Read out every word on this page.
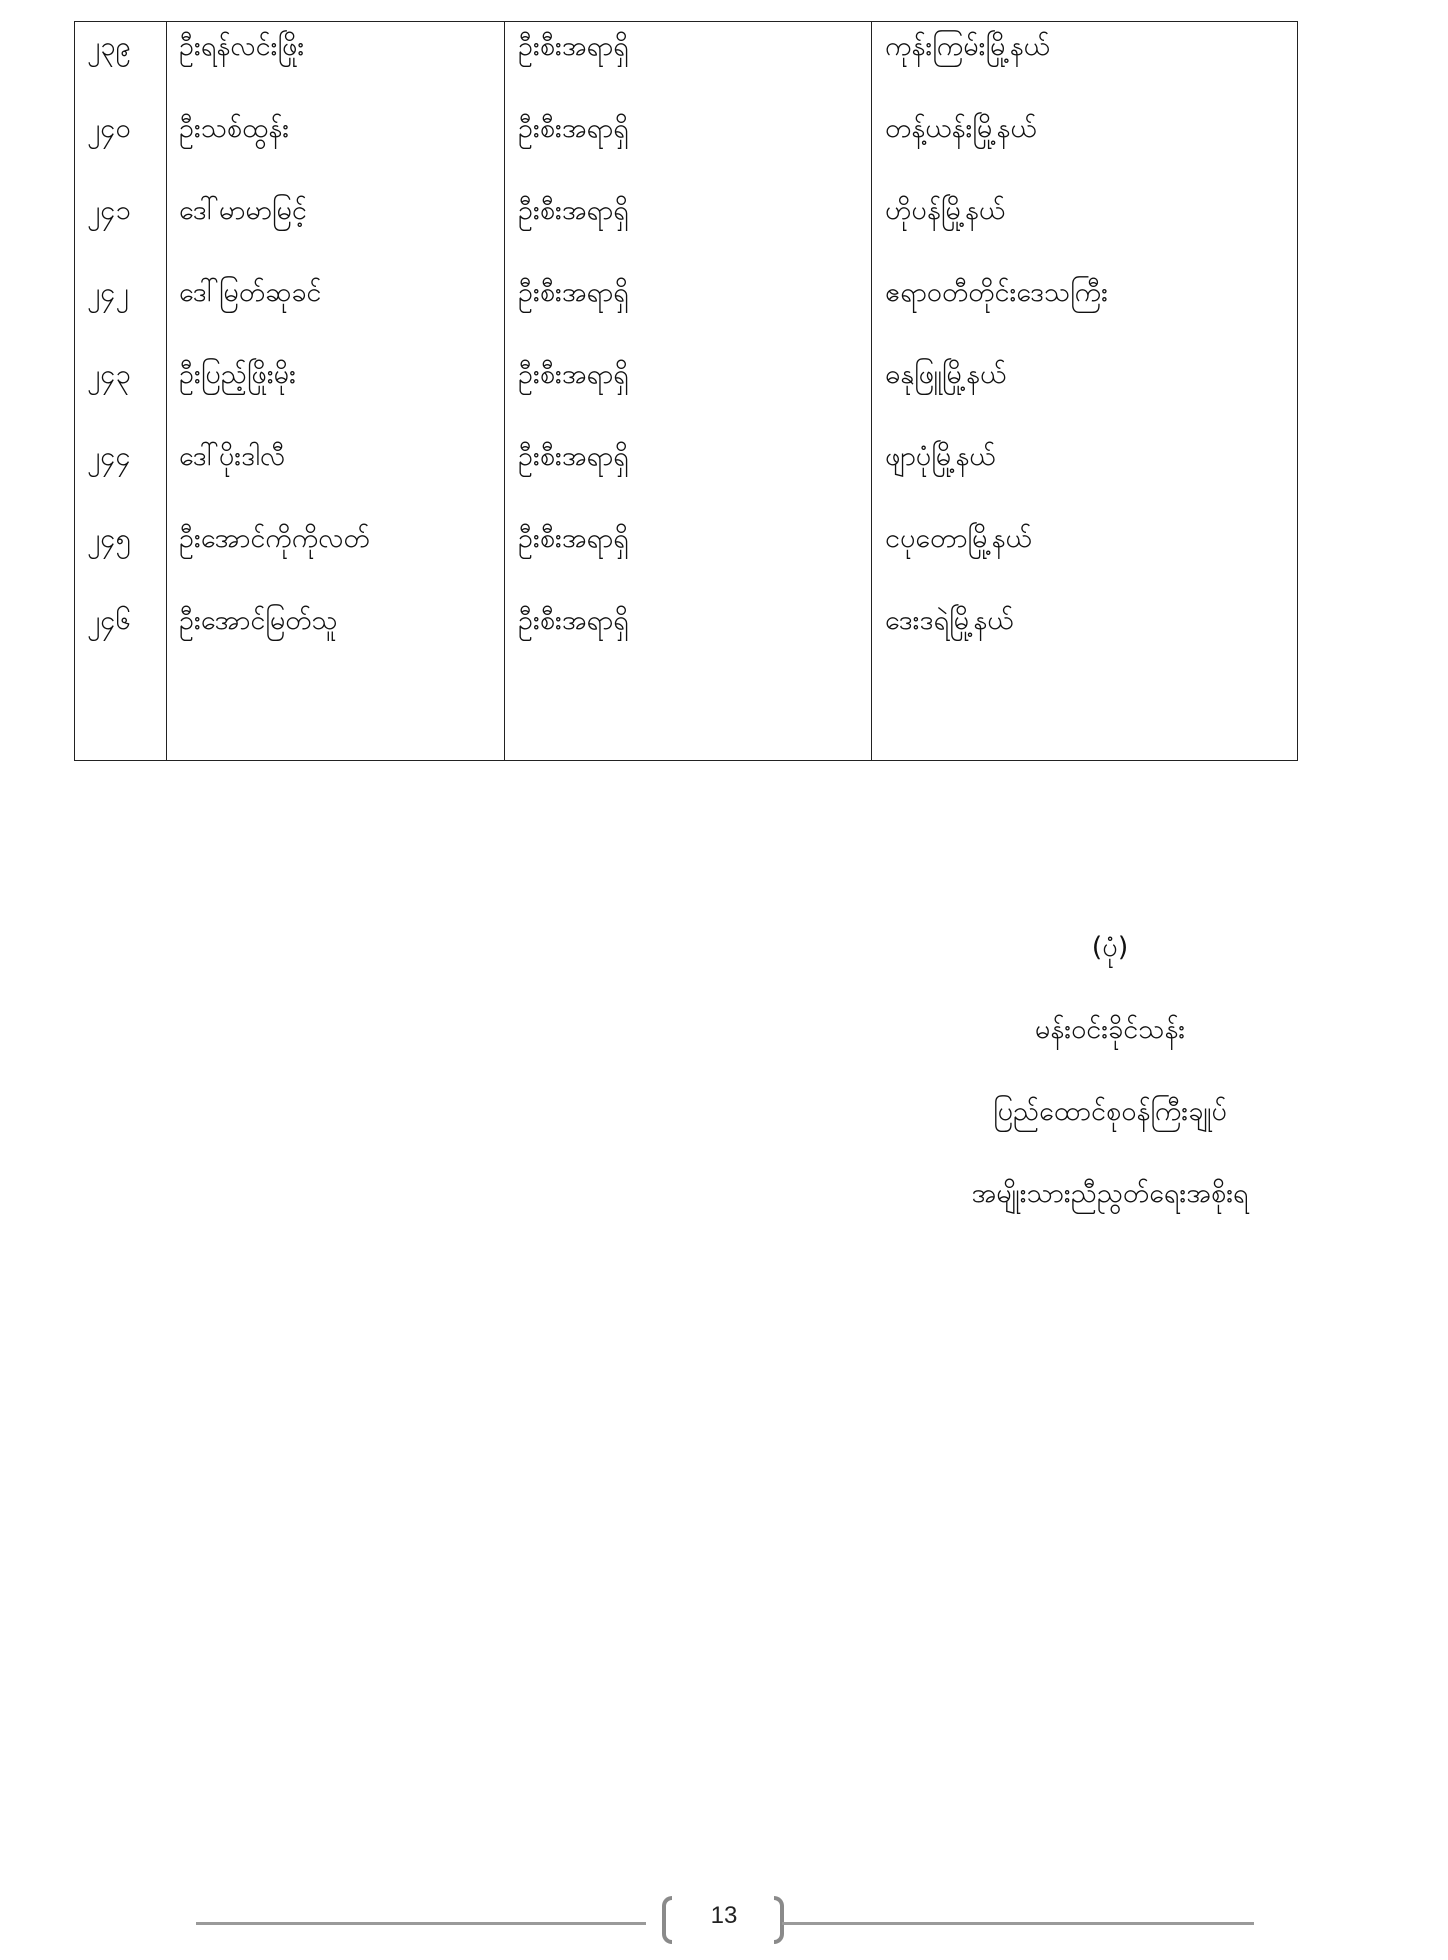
၂၃၉ ဦးရန်လင်းဖြိုး	ဦးစီးအရာရှိ	ကုန်းကြမ်းမြို့နယ်
၂၄၀ ဦးသစ်ထွန်း	ဦးစီးအရာရှိ	တန့်ယန်းမြို့နယ်
၂၄၁ ဒေါ်မာမာမြင့်	ဦးစီးအရာရှိ	ဟိုပန်မြို့နယ်
၂၄၂ ဒေါ်မြတ်ဆုခင်	ဦးစီးအရာရှိ	ဧရာဝတီတိုင်းဒေသကြီး
၂၄၃ ဦးပြည့်ဖြိုးမိုး	ဦးစီးအရာရှိ	ဓနုဖြူမြို့နယ်
၂၄၄ ဒေါ်ပိုးဒါလီ	ဦးစီးအရာရှိ	ဖျာပုံမြို့နယ်
၂၄၅ ဦးအောင်ကိုကိုလတ်	ဦးစီးအရာရှိ	ငပုတောမြို့နယ်
၂၄၆ ဦးအောင်မြတ်သူ	ဦးစီးအရာရှိ	ဒေးဒရဲမြို့နယ်
(ပုံ)
မန်းဝင်းခိုင်သန်း
ပြည်ထောင်စုဝန်ကြီးချုပ်
အမျိုးသားညီညွတ်ရေးအစိုးရ
13
